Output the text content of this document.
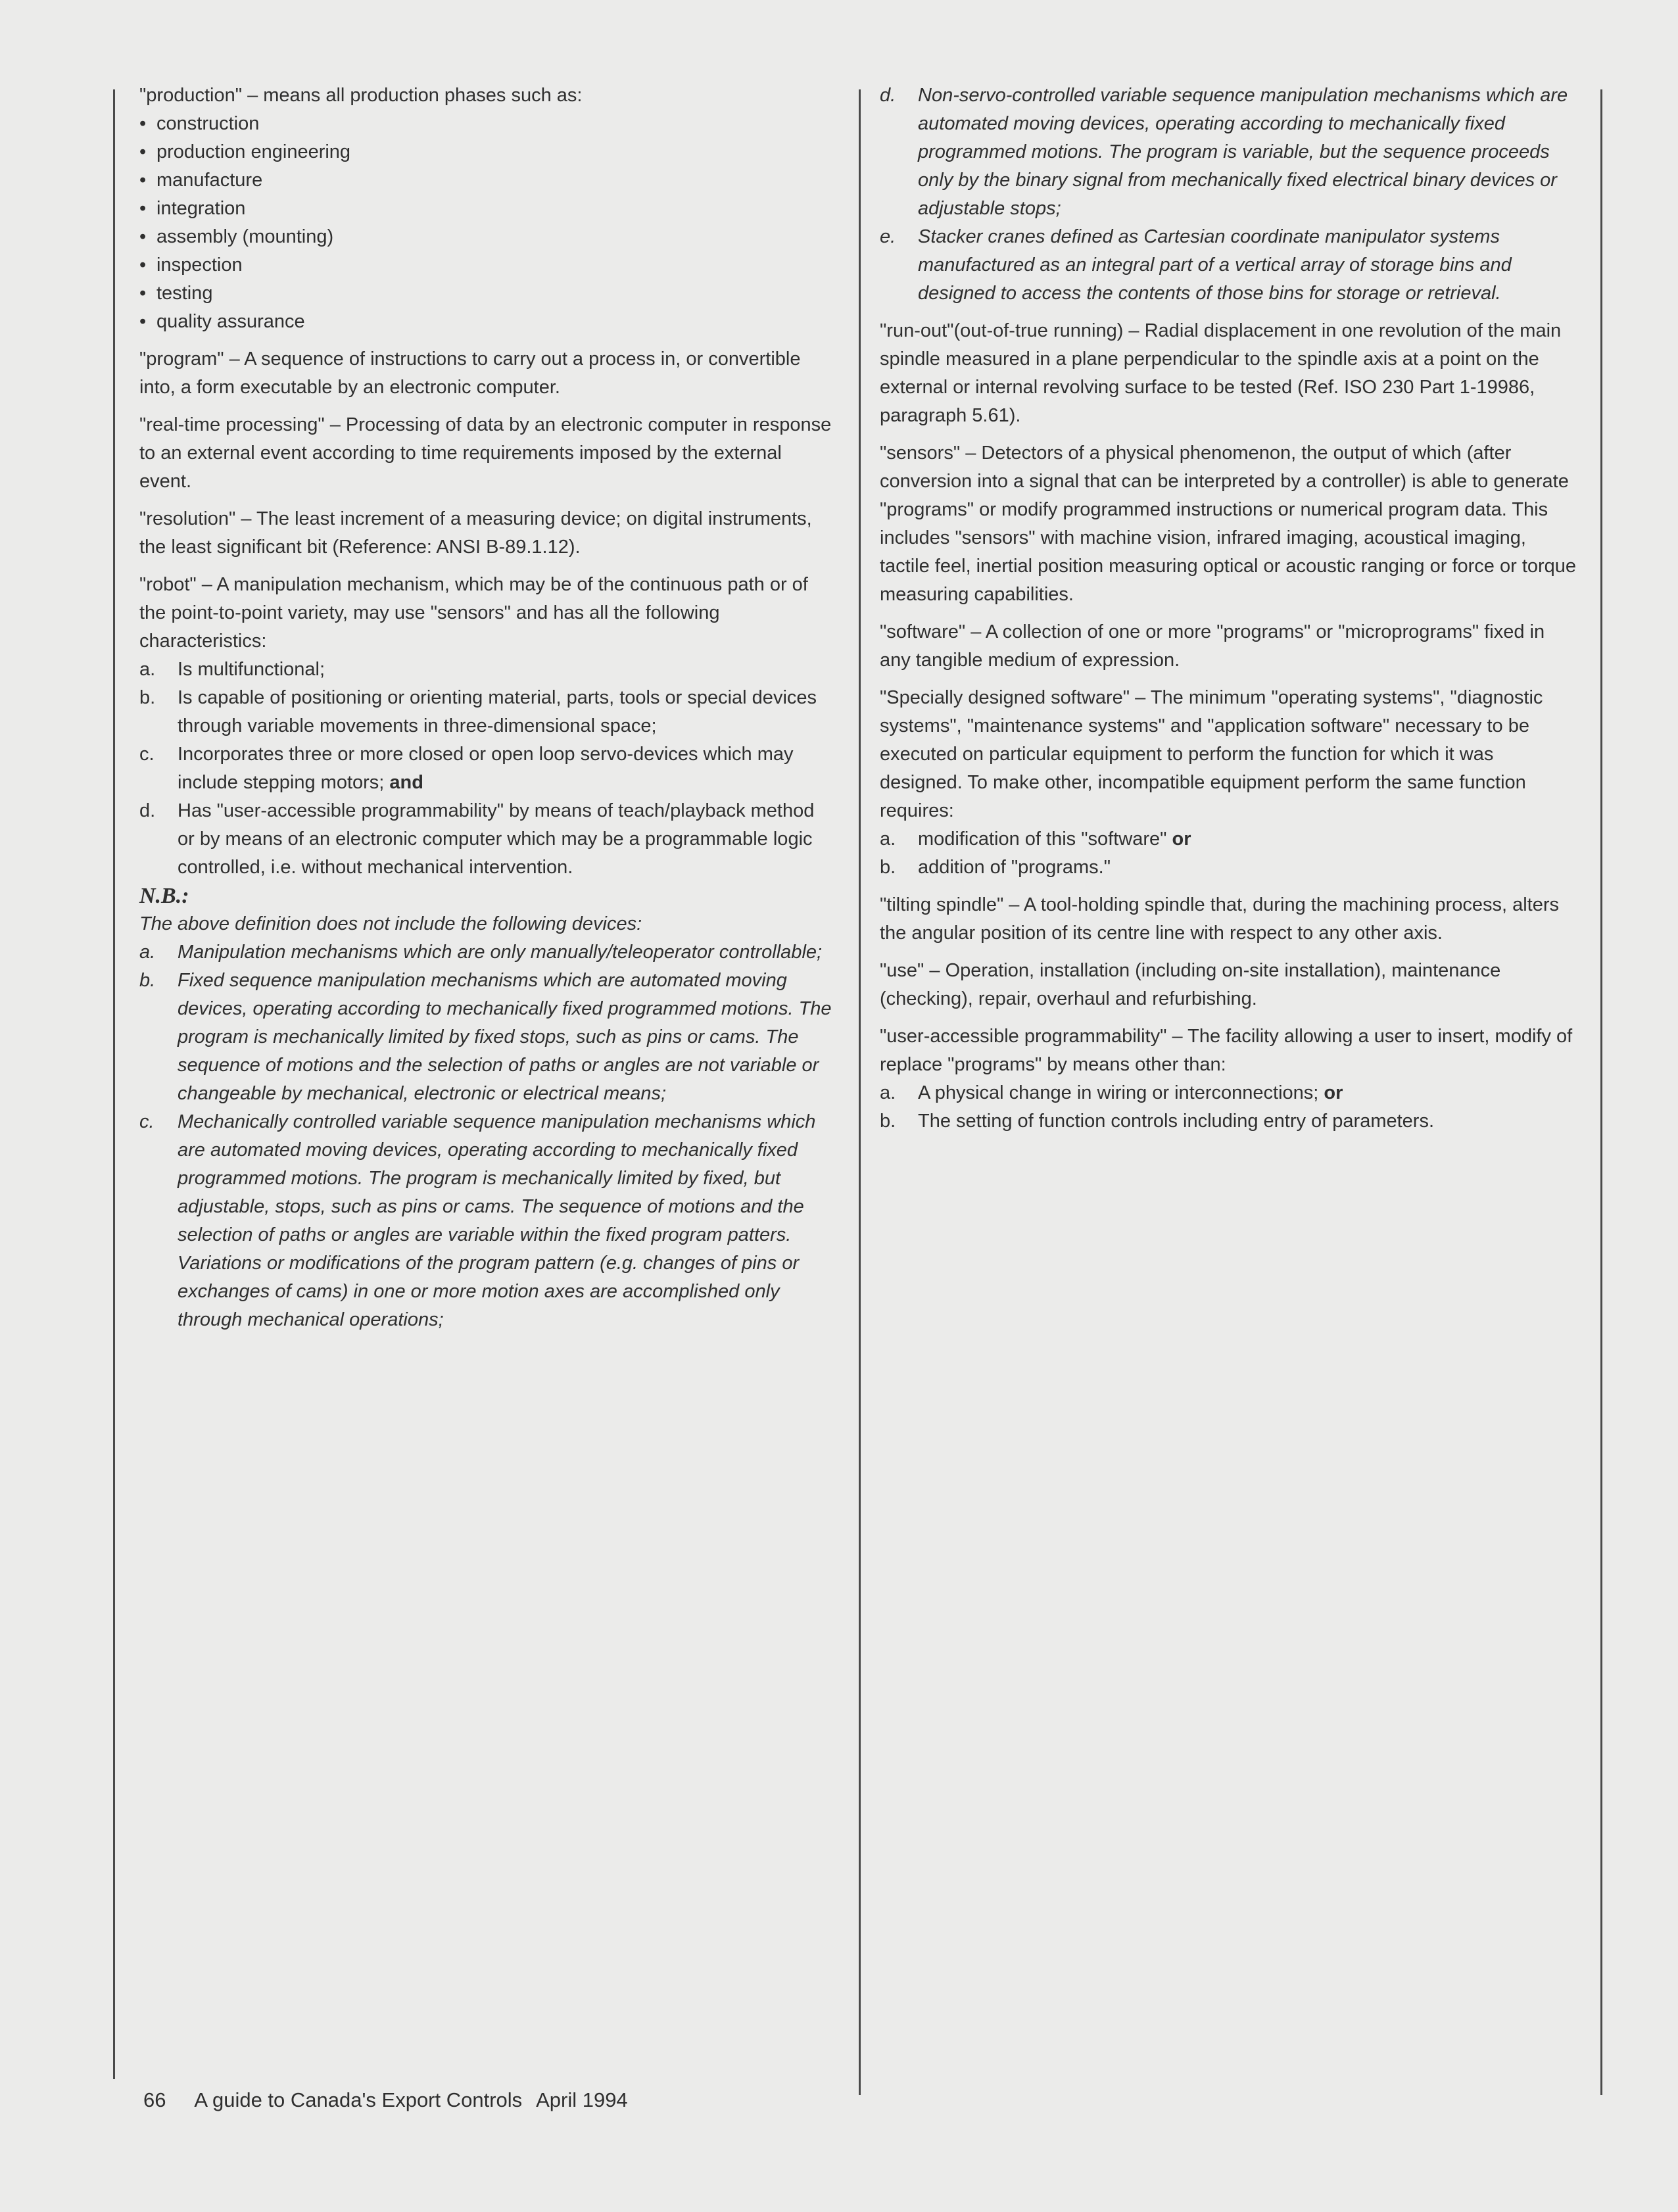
"production" – means all production phases such as:

• construction

• production engineering

• manufacture

• integration

• assembly (mounting)

• inspection

• testing

• quality assurance

"program" – A sequence of instructions to carry out a process in, or convertible into, a form executable by an electronic computer.

"real-time processing" – Processing of data by an electronic computer in response to an external event according to time requirements imposed by the external event.

"resolution" – The least increment of a measuring device; on digital instruments, the least significant bit (Reference: ANSI B-89.1.12).

"robot" – A manipulation mechanism, which may be of the continuous path or of the point-to-point variety, may use "sensors" and has all the following characteristics:

a. Is multifunctional;

b. Is capable of positioning or orienting material, parts, tools or special devices through variable movements in three-dimensional space;

c. Incorporates three or more closed or open loop servo-devices which may include stepping motors; and

d. Has "user-accessible programmability" by means of teach/playback method or by means of an electronic computer which may be a programmable logic controlled, i.e. without mechanical intervention.

N.B.:

The above definition does not include the following devices:

a. Manipulation mechanisms which are only manually/teleoperator controllable;

b. Fixed sequence manipulation mechanisms which are automated moving devices, operating according to mechanically fixed programmed motions. The program is mechanically limited by fixed stops, such as pins or cams. The sequence of motions and the selection of paths or angles are not variable or changeable by mechanical, electronic or electrical means;

c. Mechanically controlled variable sequence manipulation mechanisms which are automated moving devices, operating according to mechanically fixed programmed motions. The program is mechanically limited by fixed, but adjustable, stops, such as pins or cams. The sequence of motions and the selection of paths or angles are variable within the fixed program patters. Variations or modifications of the program pattern (e.g. changes of pins or exchanges of cams) in one or more motion axes are accomplished only through mechanical operations;

d. Non-servo-controlled variable sequence manipulation mechanisms which are automated moving devices, operating according to mechanically fixed programmed motions. The program is variable, but the sequence proceeds only by the binary signal from mechanically fixed electrical binary devices or adjustable stops;

e. Stacker cranes defined as Cartesian coordinate manipulator systems manufactured as an integral part of a vertical array of storage bins and designed to access the contents of those bins for storage or retrieval.

"run-out"(out-of-true running) – Radial displacement in one revolution of the main spindle measured in a plane perpendicular to the spindle axis at a point on the external or internal revolving surface to be tested (Ref. ISO 230 Part 1-19986, paragraph 5.61).

"sensors" – Detectors of a physical phenomenon, the output of which (after conversion into a signal that can be interpreted by a controller) is able to generate "programs" or modify programmed instructions or numerical program data. This includes "sensors" with machine vision, infrared imaging, acoustical imaging, tactile feel, inertial position measuring optical or acoustic ranging or force or torque measuring capabilities.

"software" – A collection of one or more "programs" or "microprograms" fixed in any tangible medium of expression.

"Specially designed software" – The minimum "operating systems", "diagnostic systems", "maintenance systems" and "application software" necessary to be executed on particular equipment to perform the function for which it was designed. To make other, incompatible equipment perform the same function requires:

a. modification of this "software" or

b. addition of "programs."

"tilting spindle" – A tool-holding spindle that, during the machining process, alters the angular position of its centre line with respect to any other axis.

"use" – Operation, installation (including on-site installation), maintenance (checking), repair, overhaul and refurbishing.

"user-accessible programmability" – The facility allowing a user to insert, modify of replace "programs" by means other than:

a. A physical change in wiring or interconnections; or

b. The setting of function controls including entry of parameters.

66 A guide to Canada's Export Controls April 1994
